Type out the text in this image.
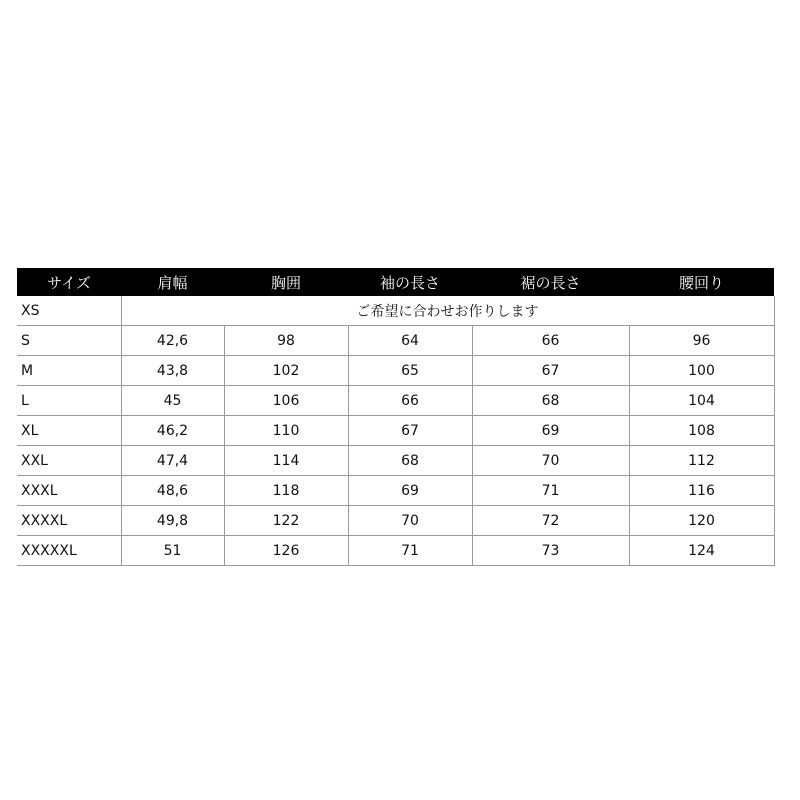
サイズ	肩幅	胸囲	袖の長さ	裾の長さ	腰回り
XS	ご希望に合わせお作りします				
S	42,6	98	64	66	96
M	43,8	102	65	67	100
L	45	106	66	68	104
XL	46,2	110	67	69	108
XXL	47,4	114	68	70	112
XXXL	48,6	118	69	71	116
XXXXL	49,8	122	70	72	120
XXXXXL	51	126	71	73	124
